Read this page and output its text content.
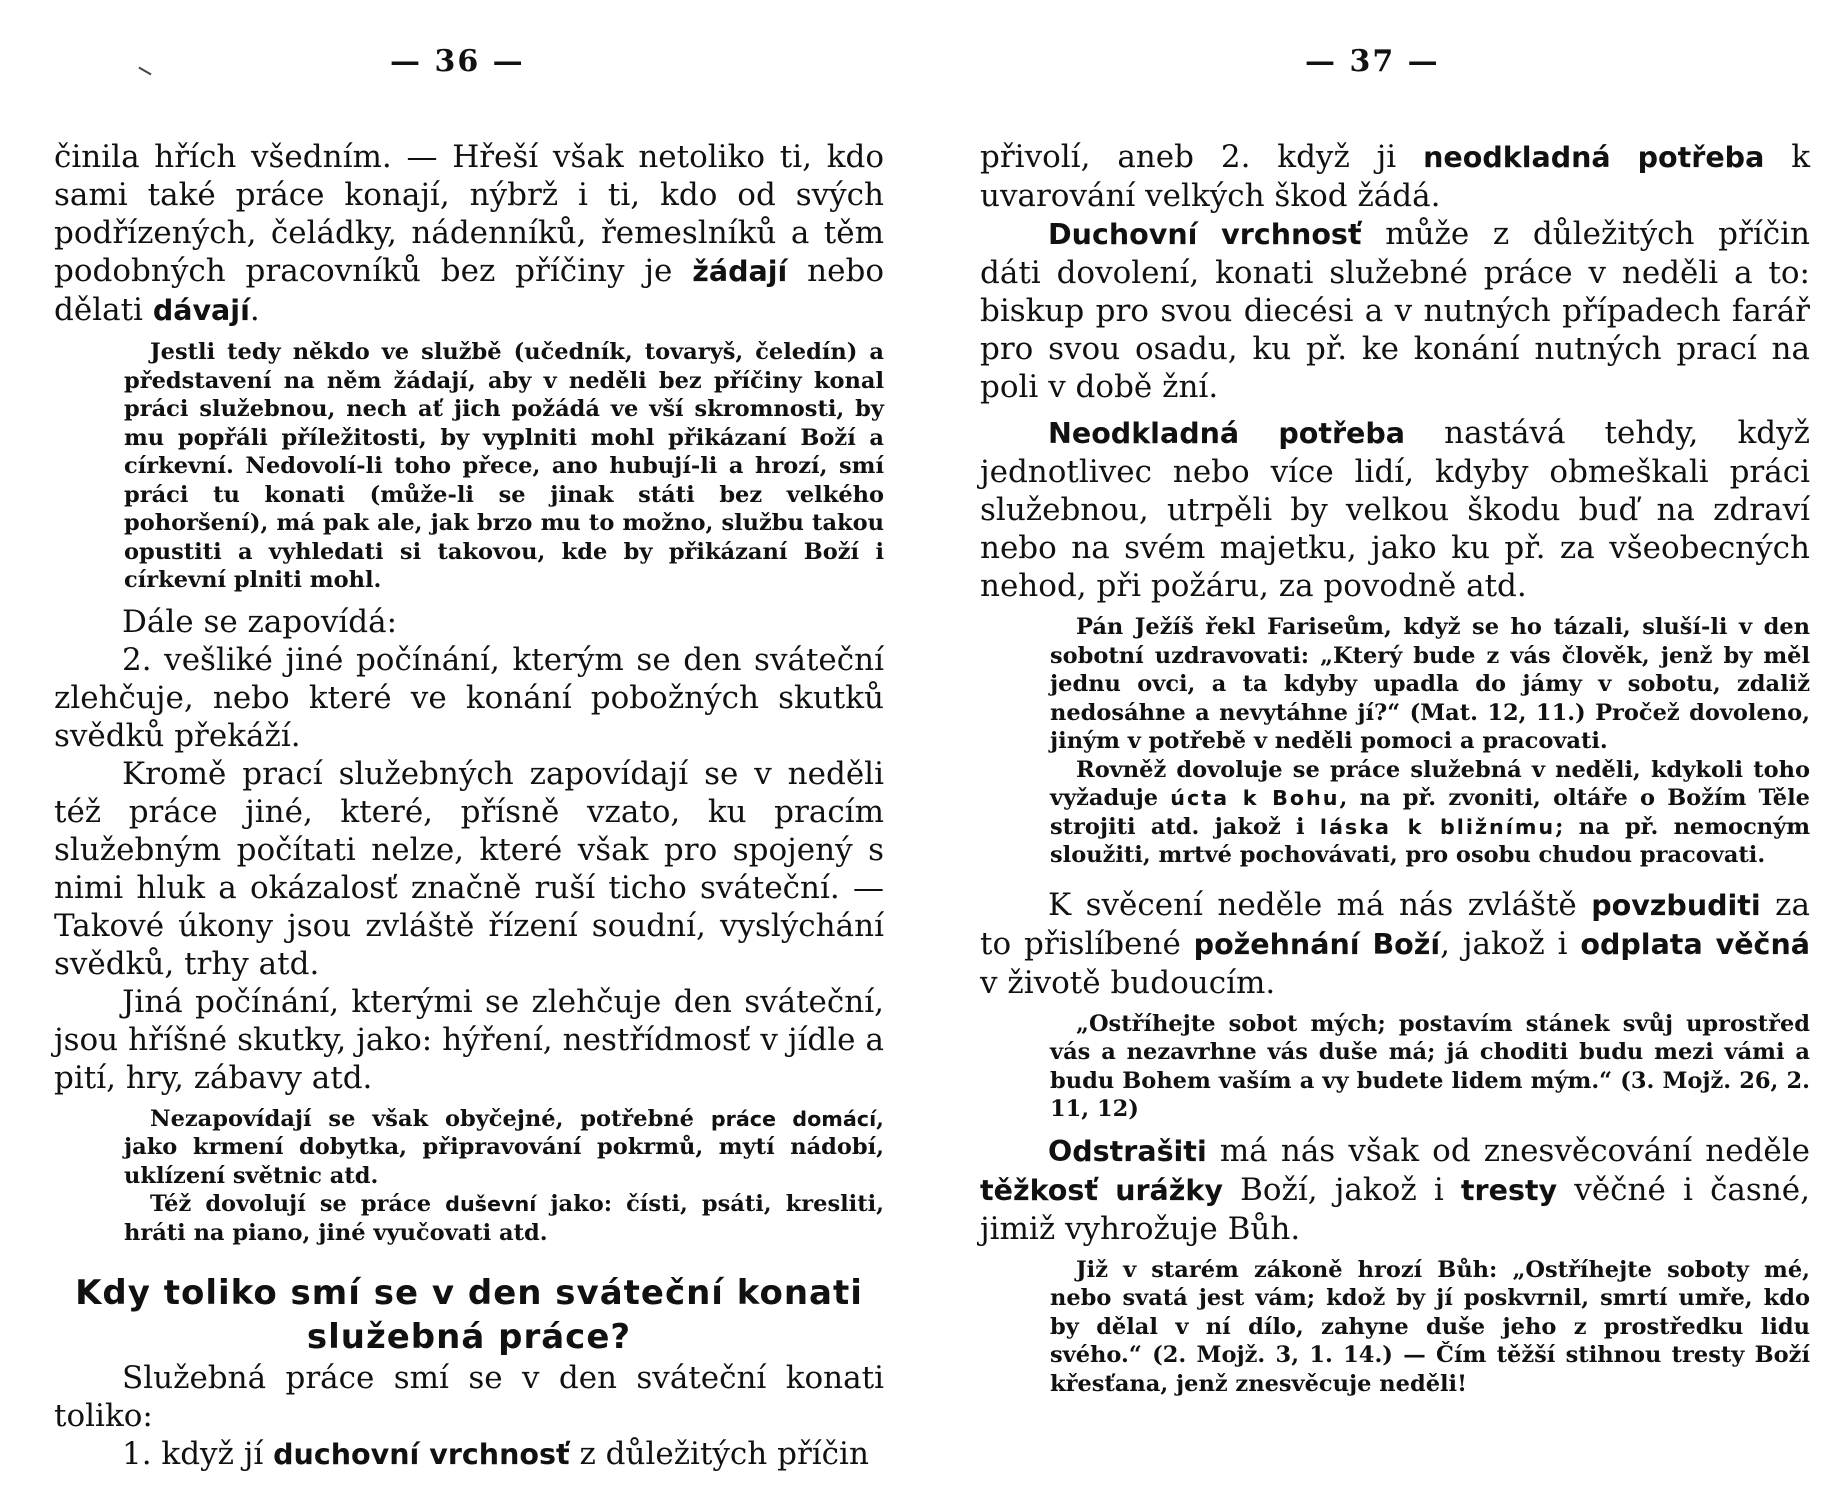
— 36 —

činila hřích všedním. — Hřeší však netoliko ti, kdo sami také práce konají, nýbrž i ti, kdo od svých podřízených, čeládky, nádenníků, řemeslníků a těm podobných pracovníků bez příčiny je žádají nebo dělati dávají.

Jestli tedy někdo ve službě (učedník, tovaryš, čeledín) a představení na něm žádají, aby v neděli bez příčiny konal práci služebnou, nech ať jich požádá ve vší skromnosti, by mu popřáli příležitosti, by vyplniti mohl přikázaní Boží a církevní. Nedovolí-li toho přece, ano hubují-li a hrozí, smí práci tu konati (může-li se jinak státi bez velkého pohoršení), má pak ale, jak brzo mu to možno, službu takou opustiti a vyhledati si takovou, kde by přikázaní Boží i církevní plniti mohl.

Dále se zapovídá:

2. vešliké jiné počínání, kterým se den sváteční zlehčuje, nebo které ve konání pobožných skutků svědků překáží.

Kromě prací služebných zapovídají se v neděli též práce jiné, které, přísně vzato, ku pracím služebným počítati nelze, které však pro spojený s nimi hluk a okázalosť značně ruší ticho sváteční. — Takové úkony jsou zvláště řízení soudní, vyslýchání svědků, trhy atd.

Jiná počínání, kterými se zlehčuje den sváteční, jsou hříšné skutky, jako: hýření, nestřídmosť v jídle a pití, hry, zábavy atd.

Nezapovídají se však obyčejné, potřebné práce domácí, jako krmení dobytka, připravování pokrmů, mytí nádobí, uklízení světnic atd.

Též dovolují se práce duševní jako: čísti, psáti, kresliti, hráti na piano, jiné vyučovati atd.

Kdy toliko smí se v den sváteční konati služebná práce?

Služebná práce smí se v den sváteční konati toliko:

1. když jí duchovní vrchnosť z důležitých příčin

— 37 —

přivolí, aneb 2. když ji neodkladná potřeba k uvarování velkých škod žádá.

Duchovní vrchnosť může z důležitých příčin dáti dovolení, konati služebné práce v neděli a to: biskup pro svou diecési a v nutných případech farář pro svou osadu, ku př. ke konání nutných prací na poli v době žní.

Neodkladná potřeba nastává tehdy, když jednotlivec nebo více lidí, kdyby obmeškali práci služebnou, utrpěli by velkou škodu buď na zdraví nebo na svém majetku, jako ku př. za všeobecných nehod, při požáru, za povodně atd.

Pán Ježíš řekl Fariseům, když se ho tázali, sluší-li v den sobotní uzdravovati: „Který bude z vás člověk, jenž by měl jednu ovci, a ta kdyby upadla do jámy v sobotu, zdaliž nedosáhne a nevytáhne jí?“ (Mat. 12, 11.) Pročež dovoleno, jiným v potřebě v neděli pomoci a pracovati.

Rovněž dovoluje se práce služebná v neděli, kdykoli toho vyžaduje úcta k Bohu, na př. zvoniti, oltáře o Božím Těle strojiti atd. jakož i láska k bližnímu; na př. nemocným sloužiti, mrtvé pochovávati, pro osobu chudou pracovati.

K svěcení neděle má nás zvláště povzbuditi za to přislíbené požehnání Boží, jakož i odplata věčná v životě budoucím.

„Ostříhejte sobot mých; postavím stánek svůj uprostřed vás a nezavrhne vás duše má; já choditi budu mezi vámi a budu Bohem vaším a vy budete lidem mým.“ (3. Mojž. 26, 2. 11, 12)

Odstrašiti má nás však od znesvěcování neděle těžkosť urážky Boží, jakož i tresty věčné i časné, jimiž vyhrožuje Bůh.

Již v starém zákoně hrozí Bůh: „Ostříhejte soboty mé, nebo svatá jest vám; kdož by jí poskvrnil, smrtí umře, kdo by dělal v ní dílo, zahyne duše jeho z prostředku lidu svého.“ (2. Mojž. 3, 1. 14.) — Čím těžší stihnou tresty Boží křesťana, jenž znesvěcuje neděli!
